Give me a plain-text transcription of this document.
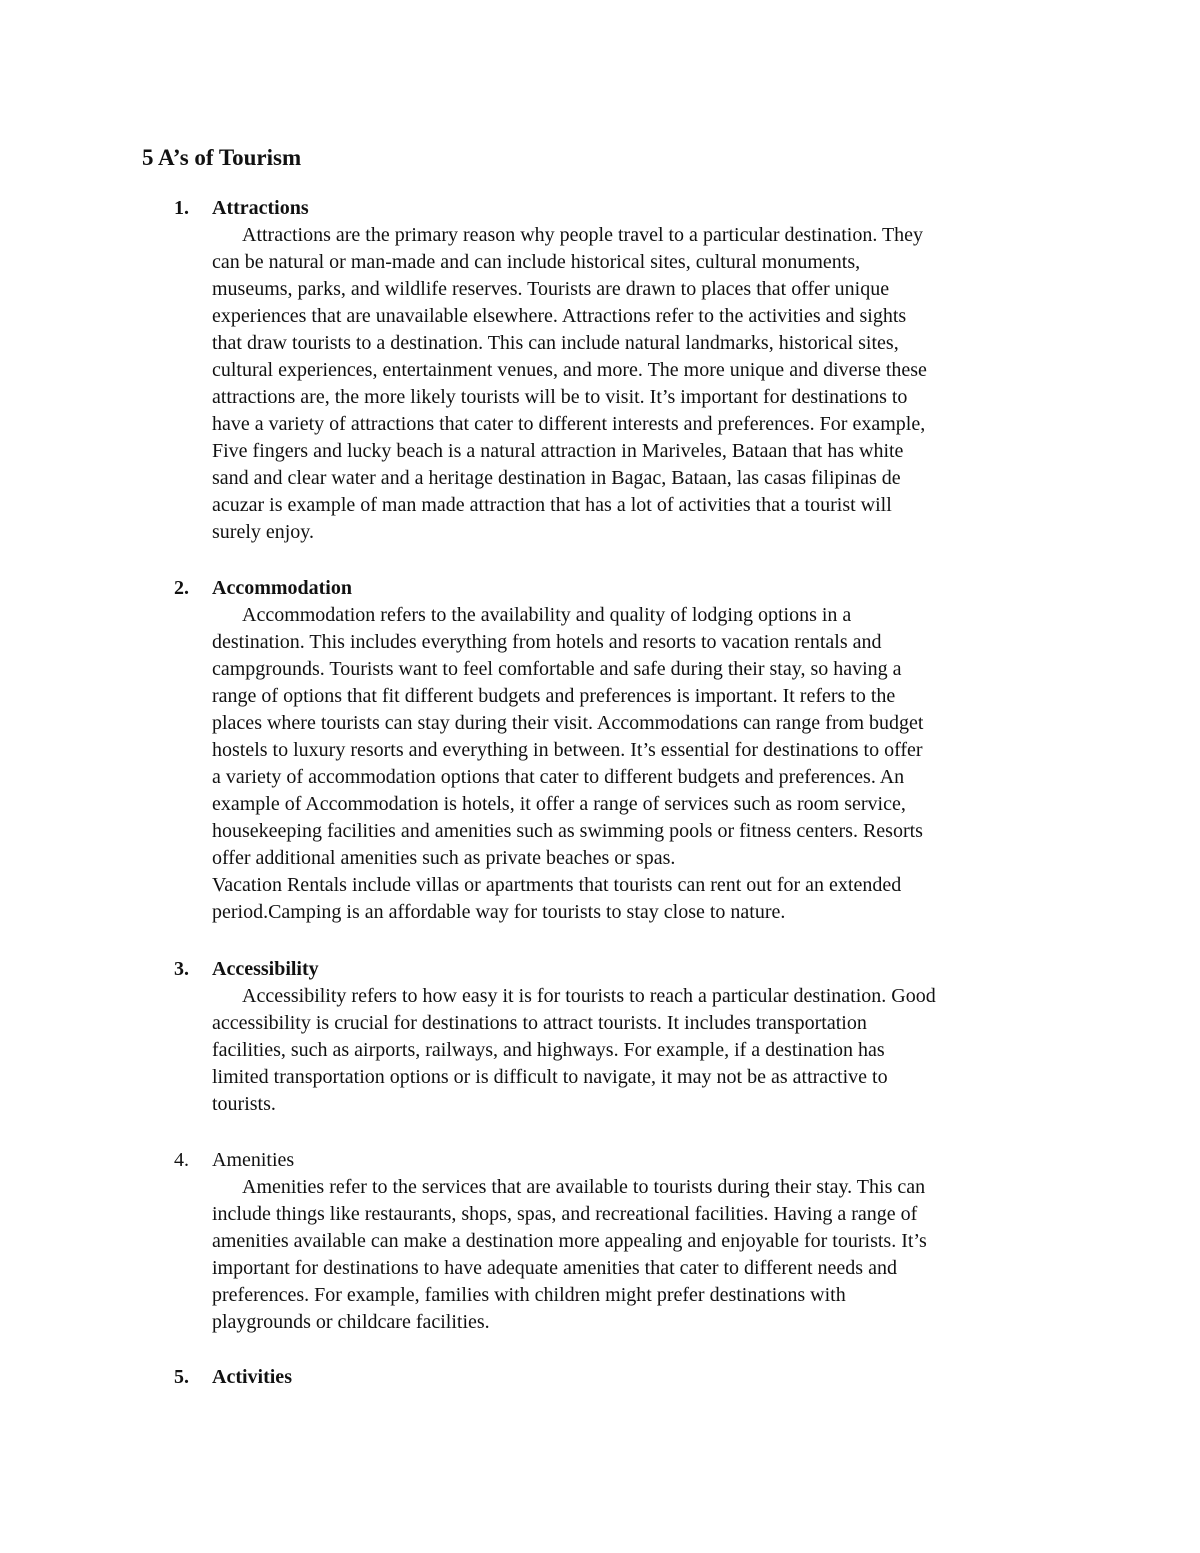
5 A’s of Tourism
1. Attractions
Attractions are the primary reason why people travel to a particular destination. They
can be natural or man-made and can include historical sites, cultural monuments,
museums, parks, and wildlife reserves. Tourists are drawn to places that offer unique
experiences that are unavailable elsewhere. Attractions refer to the activities and sights
that draw tourists to a destination. This can include natural landmarks, historical sites,
cultural experiences, entertainment venues, and more. The more unique and diverse these
attractions are, the more likely tourists will be to visit. It’s important for destinations to
have a variety of attractions that cater to different interests and preferences. For example,
Five fingers and lucky beach is a natural attraction in Mariveles, Bataan that has white
sand and clear water and a heritage destination in Bagac, Bataan, las casas filipinas de
acuzar is example of man made attraction that has a lot of activities that a tourist will
surely enjoy.
2. Accommodation
Accommodation refers to the availability and quality of lodging options in a
destination. This includes everything from hotels and resorts to vacation rentals and
campgrounds. Tourists want to feel comfortable and safe during their stay, so having a
range of options that fit different budgets and preferences is important. It refers to the
places where tourists can stay during their visit. Accommodations can range from budget
hostels to luxury resorts and everything in between. It’s essential for destinations to offer
a variety of accommodation options that cater to different budgets and preferences. An
example of Accommodation is hotels, it offer a range of services such as room service,
housekeeping facilities and amenities such as swimming pools or fitness centers. Resorts
offer additional amenities such as private beaches or spas.
Vacation Rentals include villas or apartments that tourists can rent out for an extended
period.Camping is an affordable way for tourists to stay close to nature.
3. Accessibility
Accessibility refers to how easy it is for tourists to reach a particular destination. Good
accessibility is crucial for destinations to attract tourists. It includes transportation
facilities, such as airports, railways, and highways. For example, if a destination has
limited transportation options or is difficult to navigate, it may not be as attractive to
tourists.
4. Amenities
Amenities refer to the services that are available to tourists during their stay. This can
include things like restaurants, shops, spas, and recreational facilities. Having a range of
amenities available can make a destination more appealing and enjoyable for tourists. It’s
important for destinations to have adequate amenities that cater to different needs and
preferences. For example, families with children might prefer destinations with
playgrounds or childcare facilities.
5. Activities
